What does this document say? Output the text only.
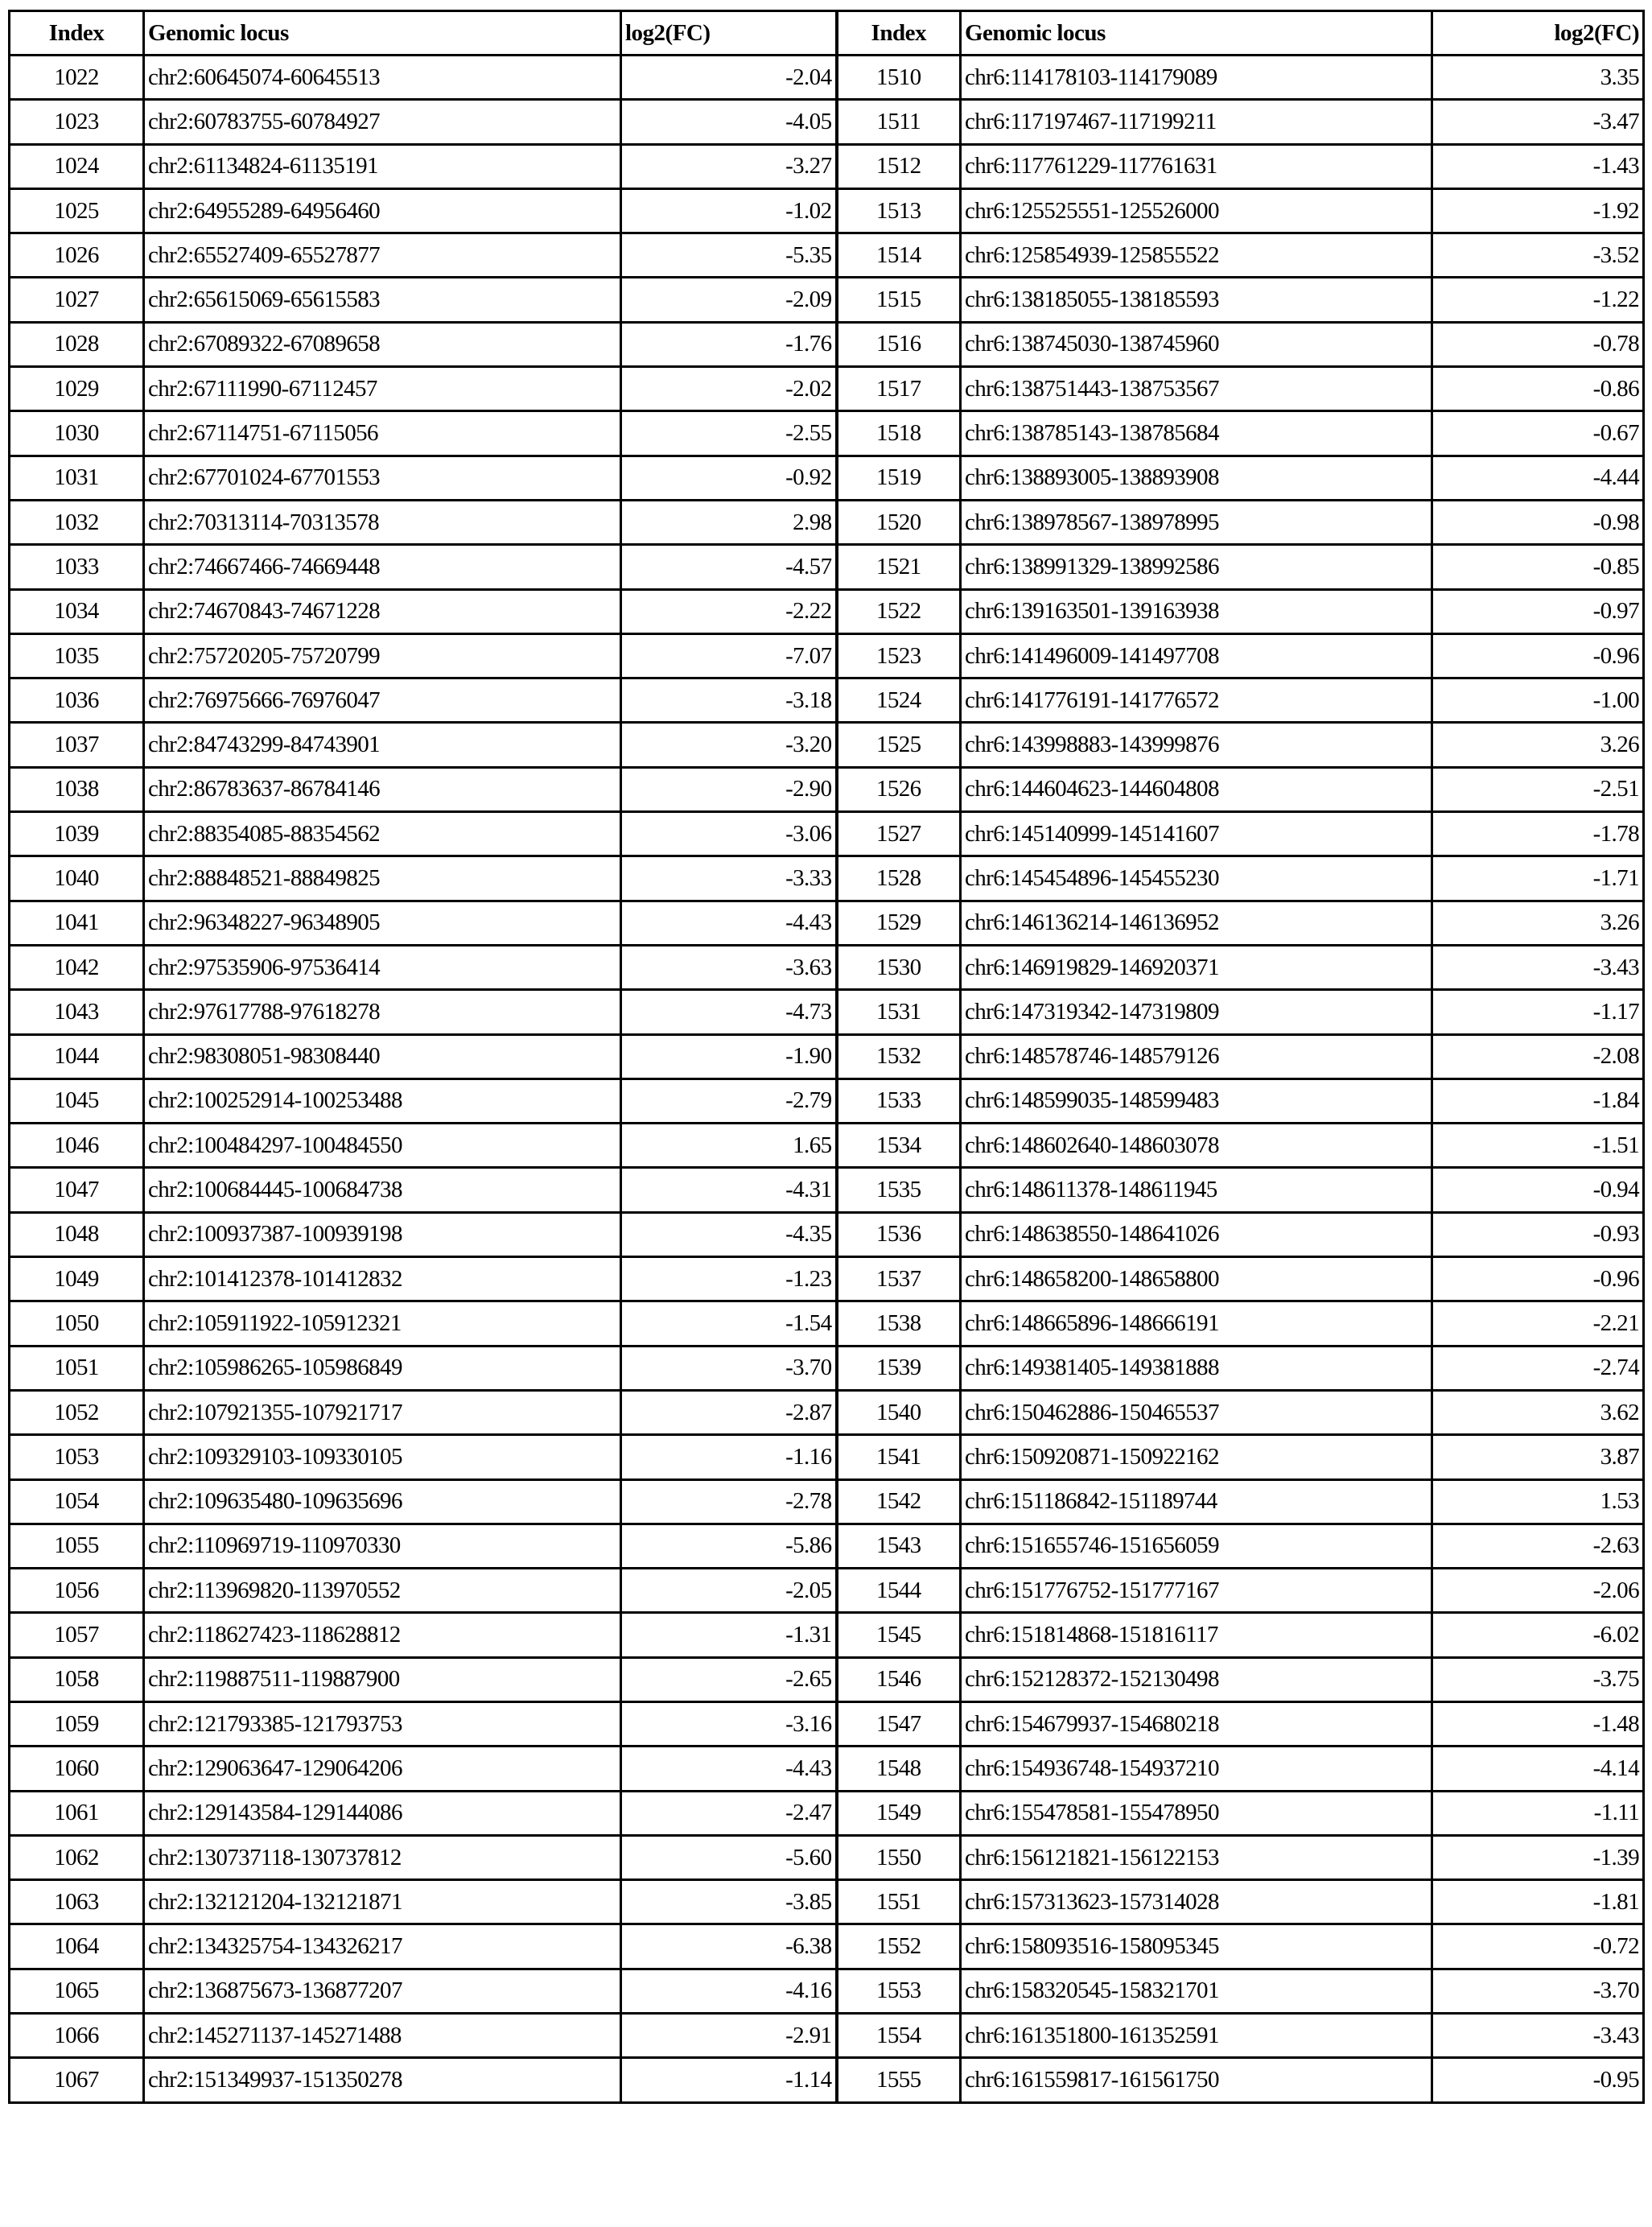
Index	Genomic locus	log2(FC)	Index	Genomic locus	log2(FC)
1022	chr2:60645074-60645513	-2.04	1510	chr6:114178103-114179089	3.35
1023	chr2:60783755-60784927	-4.05	1511	chr6:117197467-117199211	-3.47
1024	chr2:61134824-61135191	-3.27	1512	chr6:117761229-117761631	-1.43
1025	chr2:64955289-64956460	-1.02	1513	chr6:125525551-125526000	-1.92
1026	chr2:65527409-65527877	-5.35	1514	chr6:125854939-125855522	-3.52
1027	chr2:65615069-65615583	-2.09	1515	chr6:138185055-138185593	-1.22
1028	chr2:67089322-67089658	-1.76	1516	chr6:138745030-138745960	-0.78
1029	chr2:67111990-67112457	-2.02	1517	chr6:138751443-138753567	-0.86
1030	chr2:67114751-67115056	-2.55	1518	chr6:138785143-138785684	-0.67
1031	chr2:67701024-67701553	-0.92	1519	chr6:138893005-138893908	-4.44
1032	chr2:70313114-70313578	2.98	1520	chr6:138978567-138978995	-0.98
1033	chr2:74667466-74669448	-4.57	1521	chr6:138991329-138992586	-0.85
1034	chr2:74670843-74671228	-2.22	1522	chr6:139163501-139163938	-0.97
1035	chr2:75720205-75720799	-7.07	1523	chr6:141496009-141497708	-0.96
1036	chr2:76975666-76976047	-3.18	1524	chr6:141776191-141776572	-1.00
1037	chr2:84743299-84743901	-3.20	1525	chr6:143998883-143999876	3.26
1038	chr2:86783637-86784146	-2.90	1526	chr6:144604623-144604808	-2.51
1039	chr2:88354085-88354562	-3.06	1527	chr6:145140999-145141607	-1.78
1040	chr2:88848521-88849825	-3.33	1528	chr6:145454896-145455230	-1.71
1041	chr2:96348227-96348905	-4.43	1529	chr6:146136214-146136952	3.26
1042	chr2:97535906-97536414	-3.63	1530	chr6:146919829-146920371	-3.43
1043	chr2:97617788-97618278	-4.73	1531	chr6:147319342-147319809	-1.17
1044	chr2:98308051-98308440	-1.90	1532	chr6:148578746-148579126	-2.08
1045	chr2:100252914-100253488	-2.79	1533	chr6:148599035-148599483	-1.84
1046	chr2:100484297-100484550	1.65	1534	chr6:148602640-148603078	-1.51
1047	chr2:100684445-100684738	-4.31	1535	chr6:148611378-148611945	-0.94
1048	chr2:100937387-100939198	-4.35	1536	chr6:148638550-148641026	-0.93
1049	chr2:101412378-101412832	-1.23	1537	chr6:148658200-148658800	-0.96
1050	chr2:105911922-105912321	-1.54	1538	chr6:148665896-148666191	-2.21
1051	chr2:105986265-105986849	-3.70	1539	chr6:149381405-149381888	-2.74
1052	chr2:107921355-107921717	-2.87	1540	chr6:150462886-150465537	3.62
1053	chr2:109329103-109330105	-1.16	1541	chr6:150920871-150922162	3.87
1054	chr2:109635480-109635696	-2.78	1542	chr6:151186842-151189744	1.53
1055	chr2:110969719-110970330	-5.86	1543	chr6:151655746-151656059	-2.63
1056	chr2:113969820-113970552	-2.05	1544	chr6:151776752-151777167	-2.06
1057	chr2:118627423-118628812	-1.31	1545	chr6:151814868-151816117	-6.02
1058	chr2:119887511-119887900	-2.65	1546	chr6:152128372-152130498	-3.75
1059	chr2:121793385-121793753	-3.16	1547	chr6:154679937-154680218	-1.48
1060	chr2:129063647-129064206	-4.43	1548	chr6:154936748-154937210	-4.14
1061	chr2:129143584-129144086	-2.47	1549	chr6:155478581-155478950	-1.11
1062	chr2:130737118-130737812	-5.60	1550	chr6:156121821-156122153	-1.39
1063	chr2:132121204-132121871	-3.85	1551	chr6:157313623-157314028	-1.81
1064	chr2:134325754-134326217	-6.38	1552	chr6:158093516-158095345	-0.72
1065	chr2:136875673-136877207	-4.16	1553	chr6:158320545-158321701	-3.70
1066	chr2:145271137-145271488	-2.91	1554	chr6:161351800-161352591	-3.43
1067	chr2:151349937-151350278	-1.14	1555	chr6:161559817-161561750	-0.95
